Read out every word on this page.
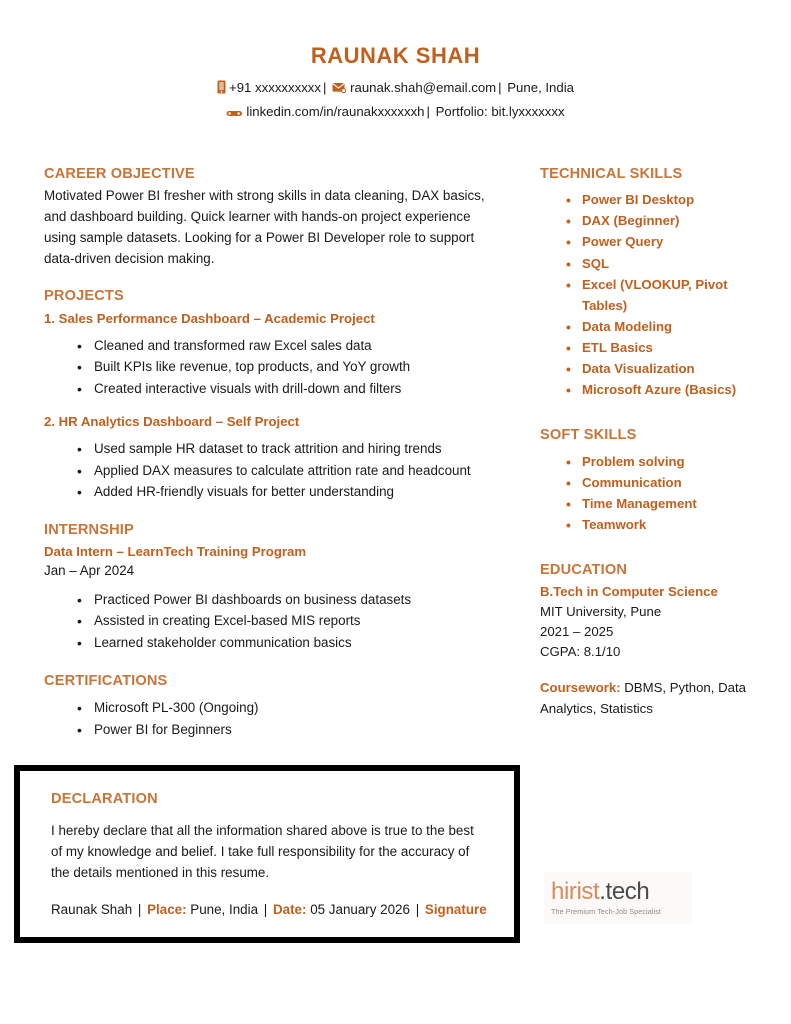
RAUNAK SHAH
+91 xxxxxxxxxx | raunak.shah@email.com | Pune, India
linkedin.com/in/raunakxxxxxxh | Portfolio: bit.lyxxxxxxx
CAREER OBJECTIVE

Motivated Power BI fresher with strong skills in data cleaning, DAX basics, and dashboard building. Quick learner with hands-on project experience using sample datasets. Looking for a Power BI Developer role to support data-driven decision making.

PROJECTS

1. Sales Performance Dashboard – Academic Project

• Cleaned and transformed raw Excel sales data
• Built KPIs like revenue, top products, and YoY growth
• Created interactive visuals with drill-down and filters

2. HR Analytics Dashboard – Self Project

• Used sample HR dataset to track attrition and hiring trends
• Applied DAX measures to calculate attrition rate and headcount
• Added HR-friendly visuals for better understanding
INTERNSHIP

Data Intern – LearnTech Training Program

Jan – Apr 2024

• Practiced Power BI dashboards on business datasets
• Assisted in creating Excel-based MIS reports
• Learned stakeholder communication basics
CERTIFICATIONS
• Microsoft PL-300 (Ongoing)
• Power BI for Beginners
TECHNICAL SKILLS
• Power BI Desktop
• DAX (Beginner)
• Power Query
• SQL
• Excel (VLOOKUP, Pivot Tables)
• Data Modeling
• ETL Basics
• Data Visualization
• Microsoft Azure (Basics)
SOFT SKILLS
• Problem solving
• Communication
• Time Management
• Teamwork
EDUCATION

B.Tech in Computer Science

MIT University, Pune

2021 – 2025

CGPA: 8.1/10

Coursework: DBMS, Python, Data Analytics, Statistics
DECLARATION

I hereby declare that all the information shared above is true to the best of my knowledge and belief. I take full responsibility for the accuracy of the details mentioned in this resume.

Raunak Shah | Place: Pune, India | Date: 05 January 2026 | Signature
hirist.tech
The Premium Tech-Job Specialist
